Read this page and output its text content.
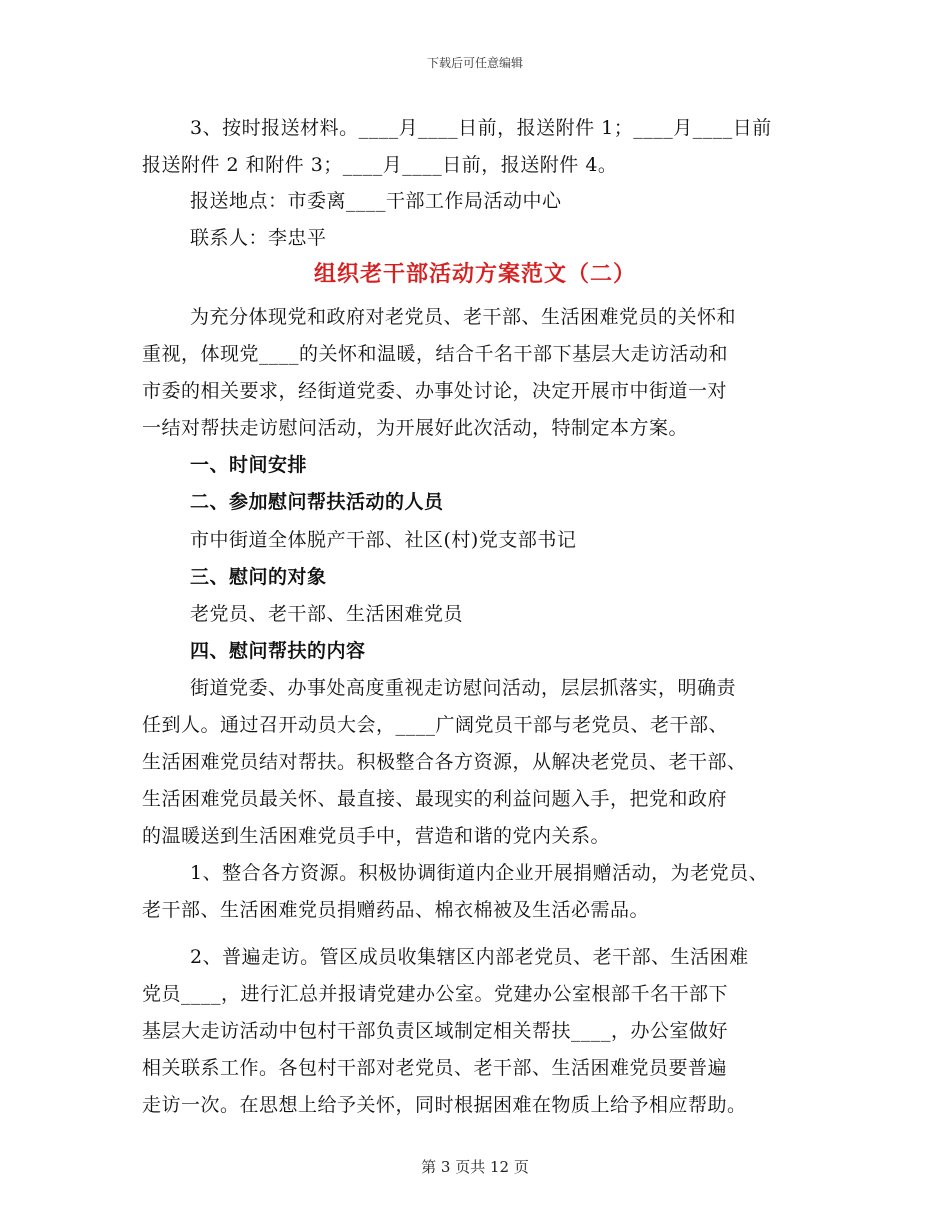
下载后可任意编辑
3、按时报送材料。____月____日前，报送附件 1；____月____日前
报送附件 2 和附件 3；____月____日前，报送附件 4。
报送地点：市委离____干部工作局活动中心
联系人：李忠平
组织老干部活动方案范文（二）
为充分体现党和政府对老党员、老干部、生活困难党员的关怀和
重视，体现党____的关怀和温暖，结合千名干部下基层大走访活动和
市委的相关要求，经街道党委、办事处讨论，决定开展市中街道一对
一结对帮扶走访慰问活动，为开展好此次活动，特制定本方案。
一、时间安排
二、参加慰问帮扶活动的人员
市中街道全体脱产干部、社区(村)党支部书记
三、慰问的对象
老党员、老干部、生活困难党员
四、慰问帮扶的内容
街道党委、办事处高度重视走访慰问活动，层层抓落实，明确责
任到人。通过召开动员大会，____广阔党员干部与老党员、老干部、
生活困难党员结对帮扶。积极整合各方资源，从解决老党员、老干部、
生活困难党员最关怀、最直接、最现实的利益问题入手，把党和政府
的温暖送到生活困难党员手中，营造和谐的党内关系。
1、整合各方资源。积极协调街道内企业开展捐赠活动，为老党员、
老干部、生活困难党员捐赠药品、棉衣棉被及生活必需品。
2、普遍走访。管区成员收集辖区内部老党员、老干部、生活困难
党员____，进行汇总并报请党建办公室。党建办公室根部千名干部下
基层大走访活动中包村干部负责区域制定相关帮扶____，办公室做好
相关联系工作。各包村干部对老党员、老干部、生活困难党员要普遍
走访一次。在思想上给予关怀，同时根据困难在物质上给予相应帮助。
第 3 页共 12 页
